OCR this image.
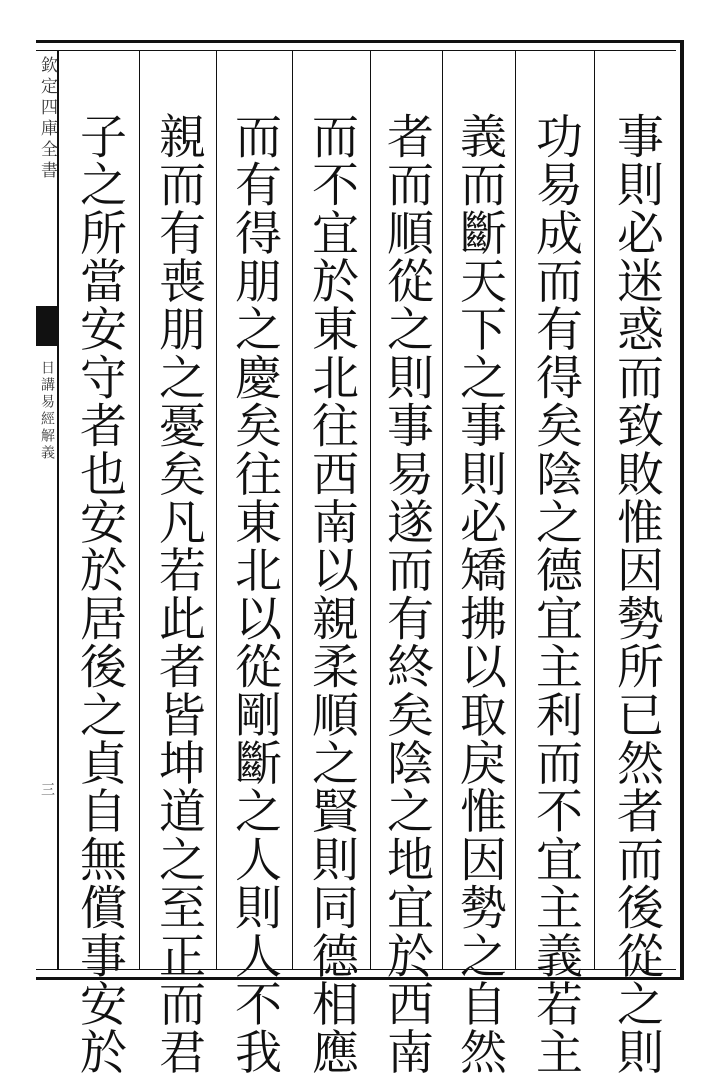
欽定四庫全書
日講易經解義
三	事則必迷惑而致敗惟因勢所已然者而後從之則
功易成而有得矣陰之德宜主利而不宜主義若主
義而斷天下之事則必矯拂以取戾惟因勢之自然
者而順從之則事易遂而有終矣陰之地宜於西南
而不宜於東北往西南以親柔順之賢則同德相應
而有得朋之慶矣往東北以從剛斷之人則人不我
親而有喪朋之憂矣凡若此者皆坤道之至正而君
子之所當安守者也安於居後之貞自無償事安於
